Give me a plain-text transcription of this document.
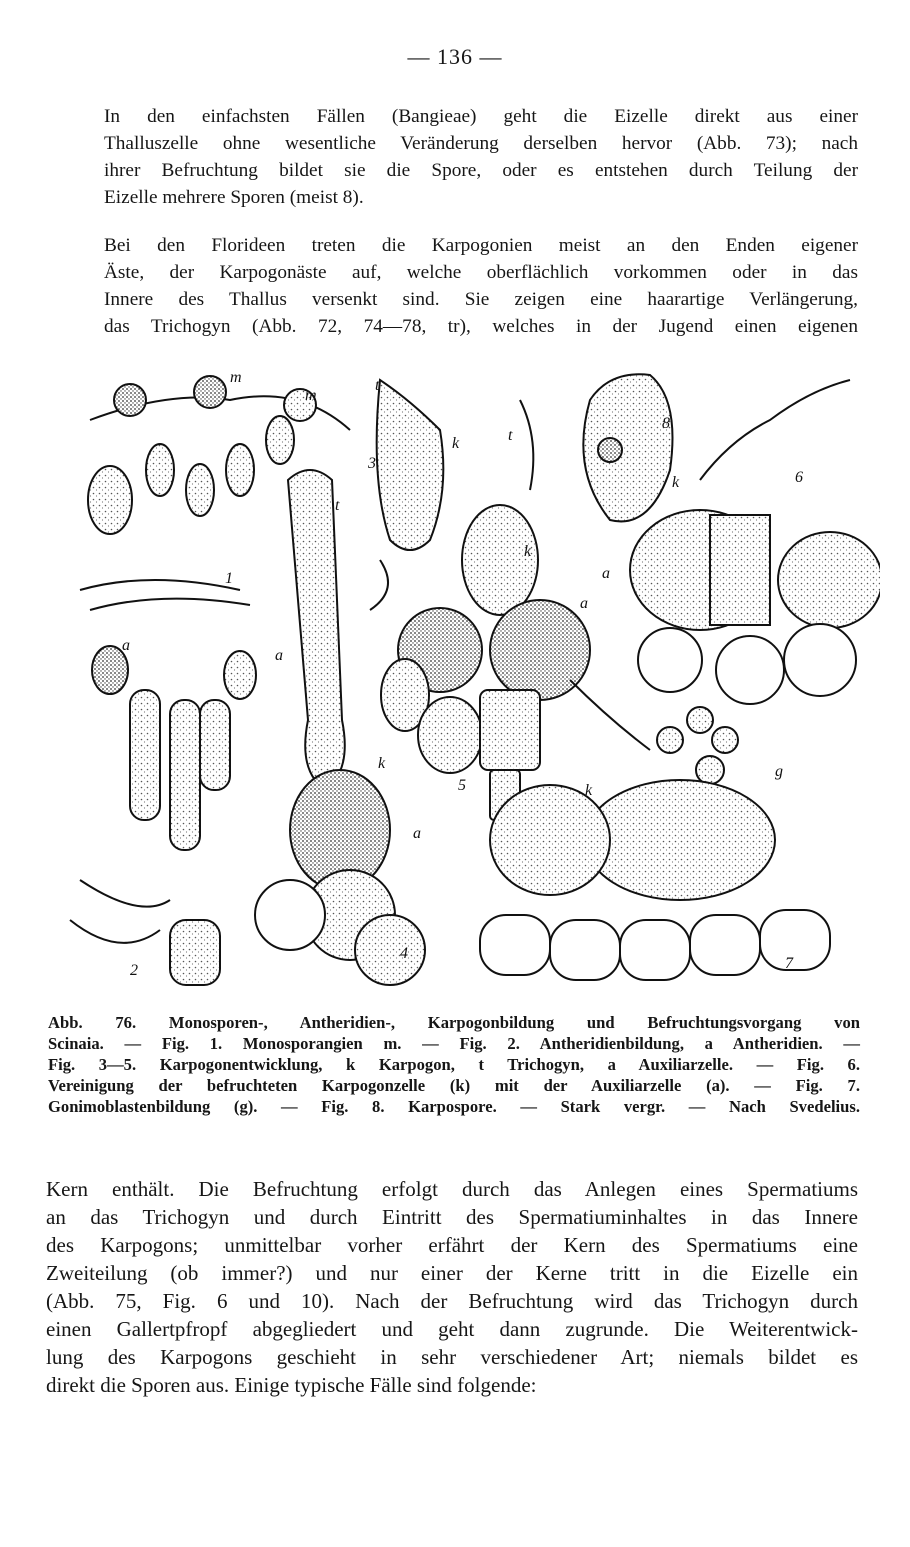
— 136 —
In den einfachsten Fällen (Bangieae) geht die Eizelle direkt aus einer
Thalluszelle ohne wesentliche Veränderung derselben hervor (Abb. 73); nach
ihrer Befruchtung bildet sie die Spore, oder es entstehen durch Teilung der
Eizelle mehrere Sporen (meist 8).
Bei den Florideen treten die Karpogonien meist an den Enden eigener
Äste, der Karpogonäste auf, welche oberflächlich vorkommen oder in das
Innere des Thallus versenkt sind. Sie zeigen eine haarartige Verlängerung,
das Trichogyn (Abb. 72, 74—78, tr), welches in der Jugend einen eigenen
m
m
1
a
a
2
t
k
a
4
t
3
k	t
k
a
5
8
k	6
a
k
g
7
Abb. 76. Monosporen-, Antheridien-, Karpogonbildung und Befruchtungsvorgang von
Scinaia. — Fig. 1. Monosporangien m. — Fig. 2. Antheridienbildung, a Antheridien. —
Fig. 3—5. Karpogonentwicklung, k Karpogon, t Trichogyn, a Auxiliarzelle. — Fig. 6.
Vereinigung der befruchteten Karpogonzelle (k) mit der Auxiliarzelle (a). — Fig. 7.
Gonimoblastenbildung (g). — Fig. 8. Karpospore. — Stark vergr. — Nach Svedelius.
Kern enthält. Die Befruchtung erfolgt durch das Anlegen eines Spermatiums
an das Trichogyn und durch Eintritt des Spermatiuminhaltes in das Innere
des Karpogons; unmittelbar vorher erfährt der Kern des Spermatiums eine
Zweiteilung (ob immer?) und nur einer der Kerne tritt in die Eizelle ein
(Abb. 75, Fig. 6 und 10). Nach der Befruchtung wird das Trichogyn durch
einen Gallertpfropf abgegliedert und geht dann zugrunde. Die Weiterentwick-
lung des Karpogons geschieht in sehr verschiedener Art; niemals bildet es
direkt die Sporen aus. Einige typische Fälle sind folgende:
